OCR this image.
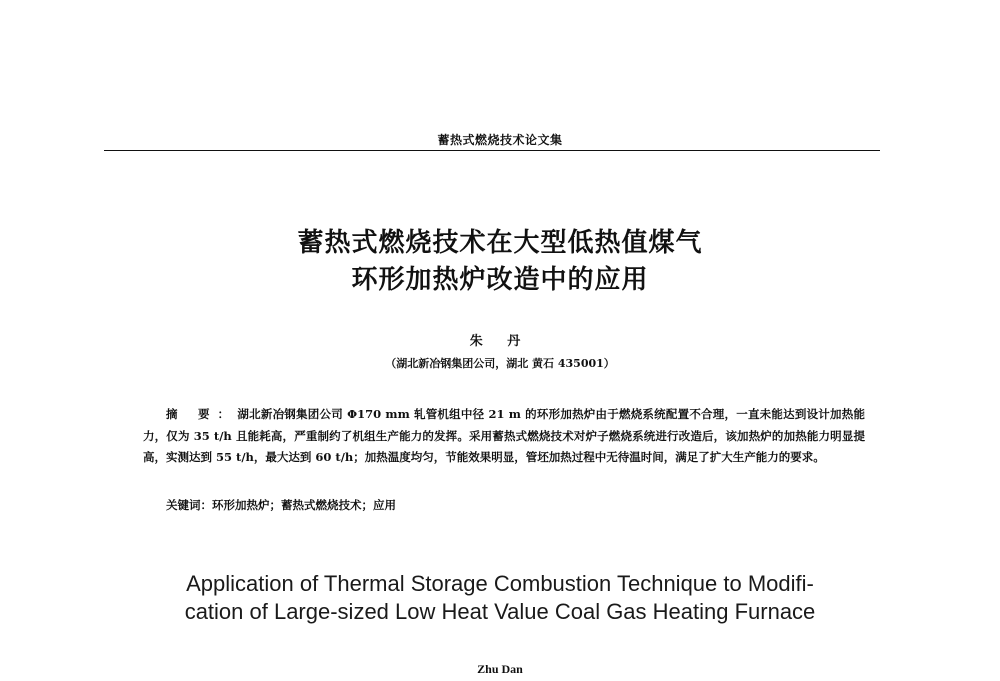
蓄热式燃烧技术论文集
蓄热式燃烧技术在大型低热值煤气
环形加热炉改造中的应用
朱 丹
（湖北新冶钢集团公司，湖北 黄石 435001）
摘 要：湖北新冶钢集团公司 Φ170 mm 轧管机组中径 21 m 的环形加热炉由于燃烧系统配置不合理，一直未能达到设计加热能力，仅为 35 t/h 且能耗高，严重制约了机组生产能力的发挥。采用蓄热式燃烧技术对炉子燃烧系统进行改造后，该加热炉的加热能力明显提高，实测达到 55 t/h，最大达到 60 t/h；加热温度均匀，节能效果明显，管坯加热过程中无待温时间，满足了扩大生产能力的要求。
关键词：环形加热炉；蓄热式燃烧技术；应用
Application of Thermal Storage Combustion Technique to Modifi-
cation of Large-sized Low Heat Value Coal Gas Heating Furnace
Zhu Dan
